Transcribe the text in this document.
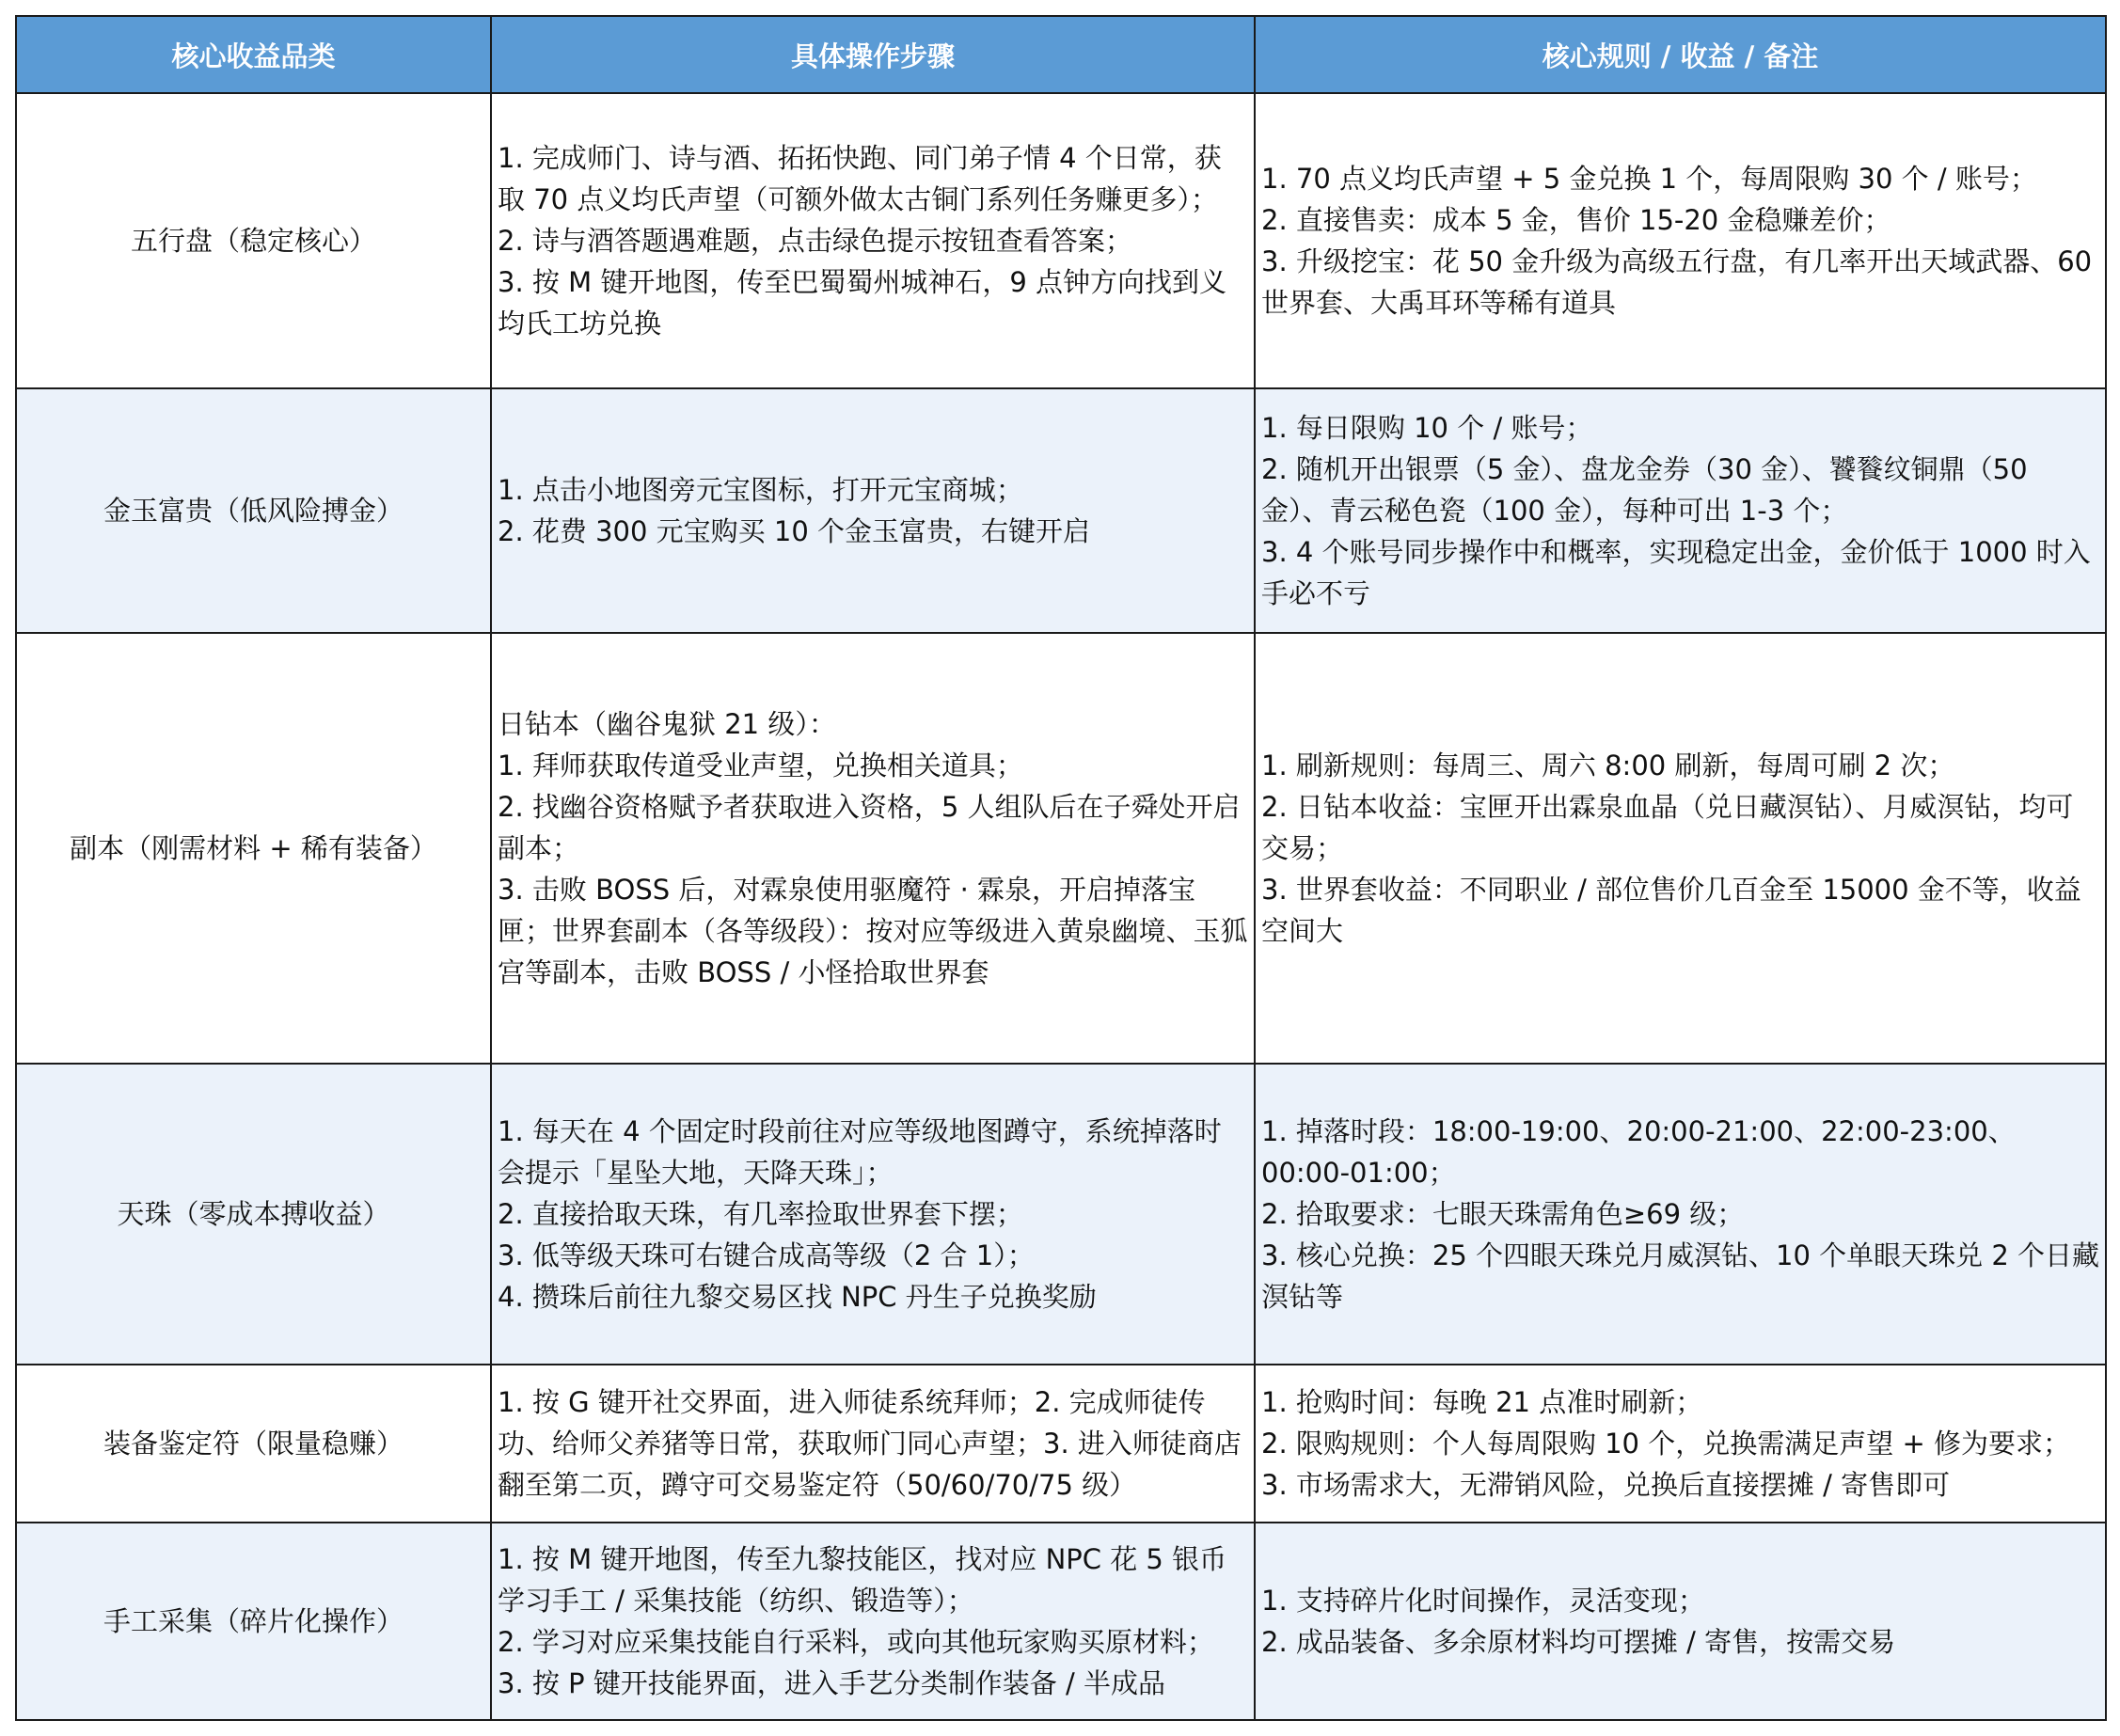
核心收益品类	具体操作步骤	核心规则 / 收益 / 备注
五行盘（稳定核心）	1. 完成师门、诗与酒、拓拓快跑、同门弟子情 4 个日常，获取 70 点义均氏声望（可额外做太古铜门系列任务赚更多）；
2. 诗与酒答题遇难题，点击绿色提示按钮查看答案；
3. 按 M 键开地图，传至巴蜀蜀州城神石，9 点钟方向找到义均氏工坊兑换	1. 70 点义均氏声望 + 5 金兑换 1 个，每周限购 30 个 / 账号；
2. 直接售卖：成本 5 金，售价 15-20 金稳赚差价；
3. 升级挖宝：花 50 金升级为高级五行盘，有几率开出天域武器、60 世界套、大禹耳环等稀有道具

金玉富贵（低风险搏金）	1. 点击小地图旁元宝图标，打开元宝商城；
2. 花费 300 元宝购买 10 个金玉富贵，右键开启	1. 每日限购 10 个 / 账号；
2. 随机开出银票（5 金）、盘龙金券（30 金）、饕餮纹铜鼎（50 金）、青云秘色瓷（100 金），每种可出 1-3 个；
3. 4 个账号同步操作中和概率，实现稳定出金，金价低于 1000 时入手必不亏

副本（刚需材料 + 稀有装备）	日钻本（幽谷鬼狱 21 级）：
1. 拜师获取传道受业声望，兑换相关道具；
2. 找幽谷资格赋予者获取进入资格，5 人组队后在子舜处开启副本；
3. 击败 BOSS 后，对霖泉使用驱魔符 · 霖泉，开启掉落宝匣；世界套副本（各等级段）：按对应等级进入黄泉幽境、玉狐宫等副本，击败 BOSS / 小怪拾取世界套	1. 刷新规则：每周三、周六 8:00 刷新，每周可刷 2 次；
2. 日钻本收益：宝匣开出霖泉血晶（兑日藏溟钻）、月威溟钻，均可交易；
3. 世界套收益：不同职业 / 部位售价几百金至 15000 金不等，收益空间大

天珠（零成本搏收益）	1. 每天在 4 个固定时段前往对应等级地图蹲守，系统掉落时会提示「星坠大地，天降天珠」；
2. 直接拾取天珠，有几率捡取世界套下摆；
3. 低等级天珠可右键合成高等级（2 合 1）；
4. 攒珠后前往九黎交易区找 NPC 丹生子兑换奖励	1. 掉落时段：18:00-19:00、20:00-21:00、22:00-23:00、00:00-01:00；
2. 拾取要求：七眼天珠需角色≥69 级；
3. 核心兑换：25 个四眼天珠兑月威溟钻、10 个单眼天珠兑 2 个日藏溟钻等

装备鉴定符（限量稳赚）	1. 按 G 键开社交界面，进入师徒系统拜师；2. 完成师徒传功、给师父养猪等日常，获取师门同心声望；3. 进入师徒商店翻至第二页，蹲守可交易鉴定符（50/60/70/75 级）	1. 抢购时间：每晚 21 点准时刷新；
2. 限购规则：个人每周限购 10 个，兑换需满足声望 + 修为要求；
3. 市场需求大，无滞销风险，兑换后直接摆摊 / 寄售即可

手工采集（碎片化操作）	1. 按 M 键开地图，传至九黎技能区，找对应 NPC 花 5 银币学习手工 / 采集技能（纺织、锻造等）；
2. 学习对应采集技能自行采料，或向其他玩家购买原材料；
3. 按 P 键开技能界面，进入手艺分类制作装备 / 半成品	1. 支持碎片化时间操作，灵活变现；
2. 成品装备、多余原材料均可摆摊 / 寄售，按需交易
